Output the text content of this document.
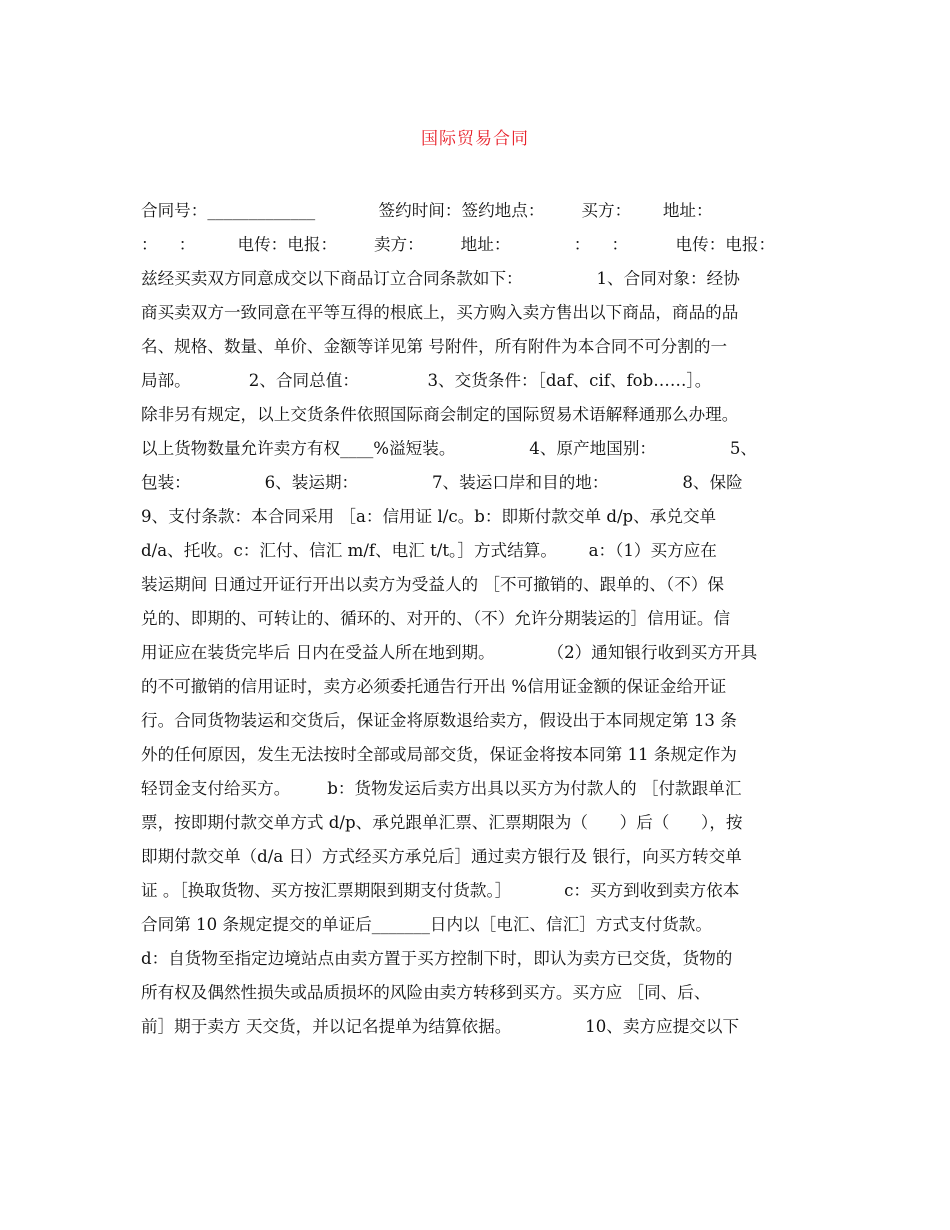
国际贸易合同
合同号：_____________            签约时间：签约地点：       买方：      地址：
：    ：        电传：电报：       卖方：       地址：            ：    ：         电传：电报：
兹经买卖双方同意成交以下商品订立合同条款如下：              1、合同对象：经协
商买卖双方一致同意在平等互得的根底上，买方购入卖方售出以下商品，商品的品
名、规格、数量、单价、金额等详见第 号附件，所有附件为本合同不可分割的一
局部。           2、合同总值：             3、交货条件：［daf、cif、fob……］。
除非另有规定，以上交货条件依照国际商会制定的国际贸易术语解释通那么办理。
以上货物数量允许卖方有权____%溢短装。              4、原产地国别：              5、
包装：              6、装运期：              7、装运口岸和目的地：              8、保险
9、支付条款：本合同采用 ［a：信用证 l/c。b：即斯付款交单 d/p、承兑交单
d/a、托收。c：汇付、信汇 m/f、电汇 t/t。］方式结算。      a：（1）买方应在
装运期间 日通过开证行开出以卖方为受益人的 ［不可撤销的、跟单的、（不）保
兑的、即期的、可转让的、循环的、对开的、（不）允许分期装运的］信用证。信
用证应在装货完毕后 日内在受益人所在地到期。          （2）通知银行收到买方开具
的不可撤销的信用证时，卖方必须委托通告行开出 %信用证金额的保证金给开证
行。合同货物装运和交货后，保证金将原数退给卖方，假设出于本同规定第 13 条
外的任何原因，发生无法按时全部或局部交货，保证金将按本同第 11 条规定作为
轻罚金支付给买方。       b：货物发运后卖方出具以买方为付款人的 ［付款跟单汇
票，按即期付款交单方式 d/p、承兑跟单汇票、汇票期限为（      ）后（      ），按
即期付款交单（d/a 日）方式经买方承兑后］通过卖方银行及 银行，向买方转交单
证 。［换取货物、买方按汇票期限到期支付货款。］          c：买方到收到卖方依本
合同第 10 条规定提交的单证后_______日内以［电汇、信汇］方式支付货款。
d：自货物至指定边境站点由卖方置于买方控制下时，即认为卖方已交货，货物的
所有权及偶然性损失或品质损坏的风险由卖方转移到买方。买方应 ［同、后、
前］期于卖方 天交货，并以记名提单为结算依据。              10、卖方应提交以下
